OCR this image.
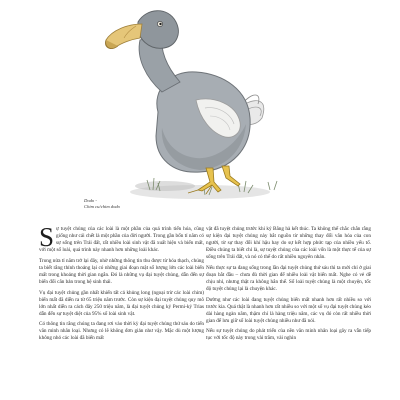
Dodo -
Chim cu/chim dodo

Sự tuyệt chủng của các loài là một phần của quá trình tiến hóa, cũng giống như cái chết là một phần của đời người. Trong gần bốn tỉ năm có sự sống trên Trái đất, rất nhiều loài sinh vật đã xuất hiện và biến mất, với một số loài, quá trình này nhanh hơn những loài khác.

Trong nửa tỉ năm trở lại đây, nhờ những thông tin thu được từ hóa thạch, chúng ta biết rằng thỉnh thoảng lại có những giai đoạn mật số lượng lớn các loài biến mất trong khoảng thời gian ngắn. Đó là những vụ đại tuyệt chủng, dẫn đến sự biến đổi căn bản trong hệ sinh thái.

Vụ đại tuyệt chủng gần nhất khiến tất cả khủng long (ngoại trừ các loài chim) biến mất đã diễn ra từ 65 triệu năm trước. Còn sự kiện đại tuyệt chủng quy mô lớn nhất diễn ra cách đây 250 triệu năm, là đại tuyệt chủng kỷ Permi-kỷ Trias dẫn đến sự tuyệt diệt của 95% số loài sinh vật.

Có thông tin rằng chúng ta đang rơi vào thời kỳ đại tuyệt chủng thứ sáu do tiến văn minh nhân loại. Nhưng có lẽ không đơn giản như vậy. Mặc dù một lượng không nhỏ các loài đã biến mất

vật đã tuyệt chủng trước khi kỷ Băng hà kết thúc. Ta không thể chắc chắn rằng sự kiện đại tuyệt chủng này bắt nguồn từ những thay đổi văn hóa của con người, từ sự thay đổi khí hậu hay do sự kết hợp phức tạp của nhiều yếu tố. Điều chúng ta biết chỉ là, sự tuyệt chủng của các loài vốn là một thực tế của sự sống trên Trái đất, và nó có thể do rất nhiều nguyên nhân.

Nếu thực sự ta đang sống trong lần đại tuyệt chủng thứ sáu thì ta mới chỉ ở giai đoạn bắt đầu – chưa đủ thời gian để nhiều loài vật biến mất. Nghe có vẻ dễ chịu nhỉ, nhưng thật ra không hẳn thế. Số loài tuyệt chủng là một chuyện, tốc độ tuyệt chủng lại là chuyện khác.

Dường như các loài đang tuyệt chủng biến mất nhanh hơn rất nhiều so với trước kia. Quá thật là nhanh hơn rất nhiều so với một số vụ đại tuyệt chủng kéo dài hàng ngàn năm, thậm chí là hàng triệu năm, các vụ đó còn rất nhiều thời gian để lưu giữ số loài tuyệt chủng nhiều như đã nói.

Nếu sự tuyệt chủng do phát triển của nền văn minh nhân loại gây ra vẫn tiếp tục với tốc độ này trong vài trăm, vài nghìn
